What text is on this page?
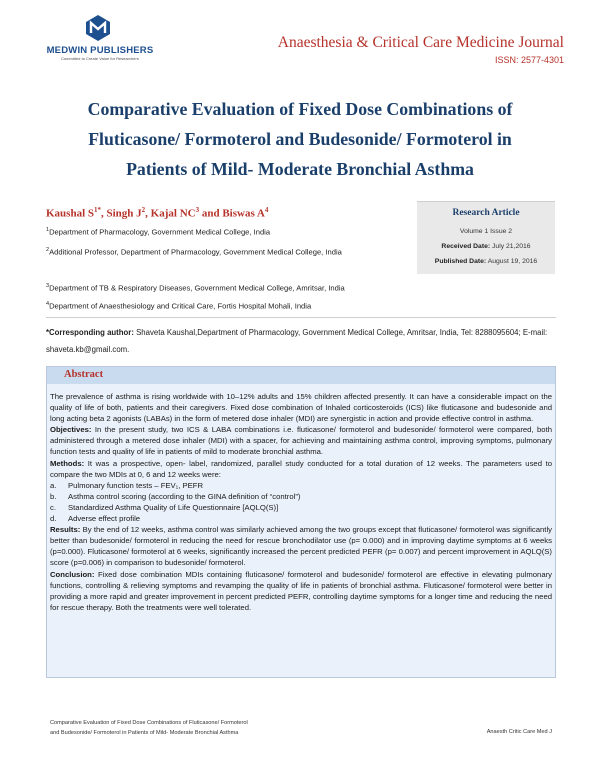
MEDWIN PUBLISHERS
Committed to Create Value for Researchers
Anaesthesia & Critical Care Medicine Journal
ISSN: 2577-4301
Comparative Evaluation of Fixed Dose Combinations of
Fluticasone/ Formoterol and Budesonide/ Formoterol in
Patients of Mild- Moderate Bronchial Asthma
Kaushal $S^{1*}$, Singh $J^2$, Kajal $NC^3$ and Biswas $A^4$
$^1$Department of Pharmacology, Government Medical College, India
$^2$Additional Professor, Department of Pharmacology, Government Medical College, India
$^3$Department of TB & Respiratory Diseases, Government Medical College, Amritsar, India
$^4$Department of Anaesthesiology and Critical Care, Fortis Hospital Mohali, India
Research Article
Volume 1 Issue 2
Received Date: July 21,2016
Published Date: August 19, 2016
*Corresponding author: Shaveta Kaushal,Department of Pharmacology, Government Medical College, Amritsar, India, Tel: 8288095604; E-mail: shaveta.kb@gmail.com.
Abstract

The prevalence of asthma is rising worldwide with 10–12% adults and 15% children affected presently. It can have a considerable impact on the quality of life of both, patients and their caregivers. Fixed dose combination of Inhaled corticosteroids (ICS) like fluticasone and budesonide and long acting beta 2 agonists (LABAs) in the form of metered dose inhaler (MDI) are synergistic in action and provide effective control in asthma.

Objectives: In the present study, two ICS & LABA combinations i.e. fluticasone/ formoterol and budesonide/ formoterol were compared, both administered through a metered dose inhaler (MDI) with a spacer, for achieving and maintaining asthma control, improving symptoms, pulmonary function tests and quality of life in patients of mild to moderate bronchial asthma.

Methods: It was a prospective, open- label, randomized, parallel study conducted for a total duration of 12 weeks. The parameters used to compare the two MDIs at 0, 6 and 12 weeks were:

a.	Pulmonary function tests – FEV₁, PEFR
b.	Asthma control scoring (according to the GINA definition of “control”)
c.	Standardized Asthma Quality of Life Questionnaire [AQLQ(S)]
d.	Adverse effect profile

Results: By the end of 12 weeks, asthma control was similarly achieved among the two groups except that fluticasone/ formoterol was significantly better than budesonide/ formoterol in reducing the need for rescue bronchodilator use (p= 0.000) and in improving daytime symptoms at 6 weeks (p=0.000). Fluticasone/ formoterol at 6 weeks, significantly increased the percent predicted PEFR (p= 0.007) and percent improvement in AQLQ(S) score (p=0.006) in comparison to budesonide/ formoterol.

Conclusion: Fixed dose combination MDIs containing fluticasone/ formoterol and budesonide/ formoterol are effective in elevating pulmonary functions, controlling & relieving symptoms and revamping the quality of life in patients of bronchial asthma. Fluticasone/ formoterol were better in providing a more rapid and greater improvement in percent predicted PEFR, controlling daytime symptoms for a longer time and reducing the need for rescue therapy. Both the treatments were well tolerated.

Comparative Evaluation of Fixed Dose Combinations of Fluticasone/ Formoterol
and Budesonide/ Formoterol in Patients of Mild- Moderate Bronchial Asthma	Anaesth Critic Care Med J
